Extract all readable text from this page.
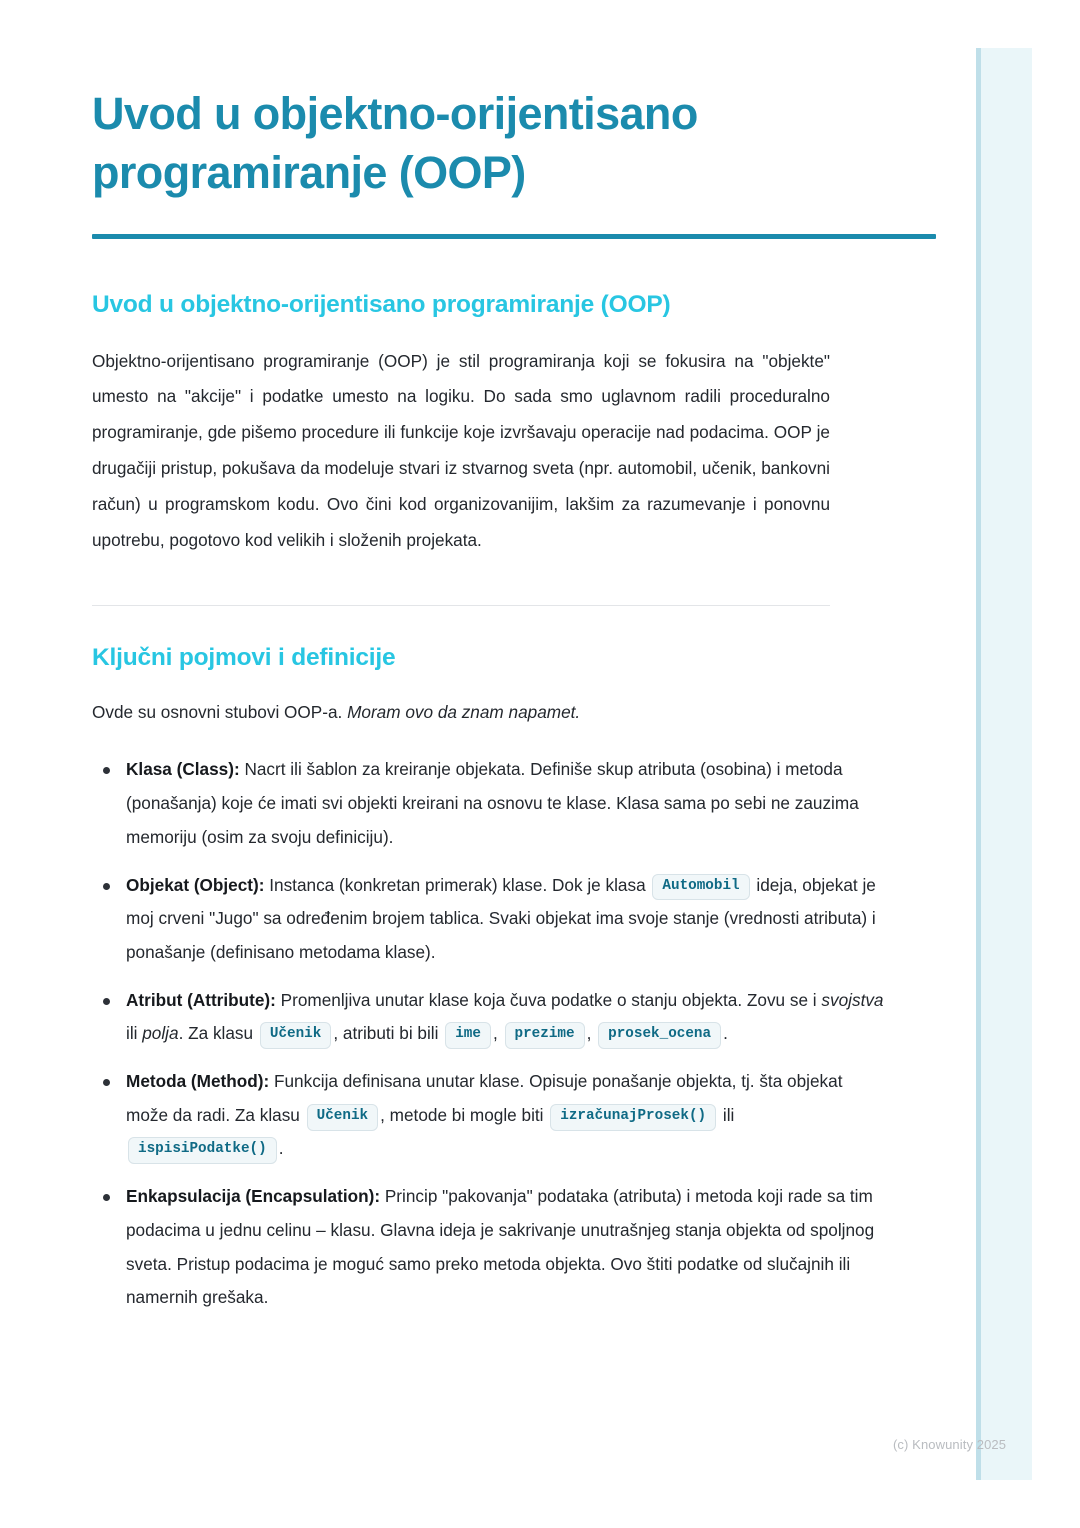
Uvod u objektno-orijentisano programiranje (OOP)
Uvod u objektno-orijentisano programiranje (OOP)

Objektno-orijentisano programiranje (OOP) je stil programiranja koji se fokusira na "objekte" umesto na "akcije" i podatke umesto na logiku. Do sada smo uglavnom radili proceduralno programiranje, gde pišemo procedure ili funkcije koje izvršavaju operacije nad podacima. OOP je drugačiji pristup, pokušava da modeluje stvari iz stvarnog sveta (npr. automobil, učenik, bankovni račun) u programskom kodu. Ovo čini kod organizovanijim, lakšim za razumevanje i ponovnu upotrebu, pogotovo kod velikih i složenih projekata.

Ključni pojmovi i definicije

Ovde su osnovni stubovi OOP-a. Moram ovo da znam napamet.

Klasa (Class): Nacrt ili šablon za kreiranje objekata. Definiše skup atributa (osobina) i metoda (ponašanja) koje će imati svi objekti kreirani na osnovu te klase. Klasa sama po sebi ne zauzima memoriju (osim za svoju definiciju).
Objekat (Object): Instanca (konkretan primerak) klase. Dok je klasa Automobil ideja, objekat je moj crveni "Jugo" sa određenim brojem tablica. Svaki objekat ima svoje stanje (vrednosti atributa) i ponašanje (definisano metodama klase).
Atribut (Attribute): Promenljiva unutar klase koja čuva podatke o stanju objekta. Zovu se i svojstva ili polja. Za klasu Učenik , atributi bi bili ime , prezime , prosek_ocena .
Metoda (Method): Funkcija definisana unutar klase. Opisuje ponašanje objekta, tj. šta objekat može da radi. Za klasu Učenik , metode bi mogle biti izračunajProsek() ili ispisiPodatke() .
Enkapsulacija (Encapsulation): Princip "pakovanja" podataka (atributa) i metoda koji rade sa tim podacima u jednu celinu – klasu. Glavna ideja je sakrivanje unutrašnjeg stanja objekta od spoljnog sveta. Pristup podacima je moguć samo preko metoda objekta. Ovo štiti podatke od slučajnih ili namernih grešaka.
(c) Knowunity 2025
